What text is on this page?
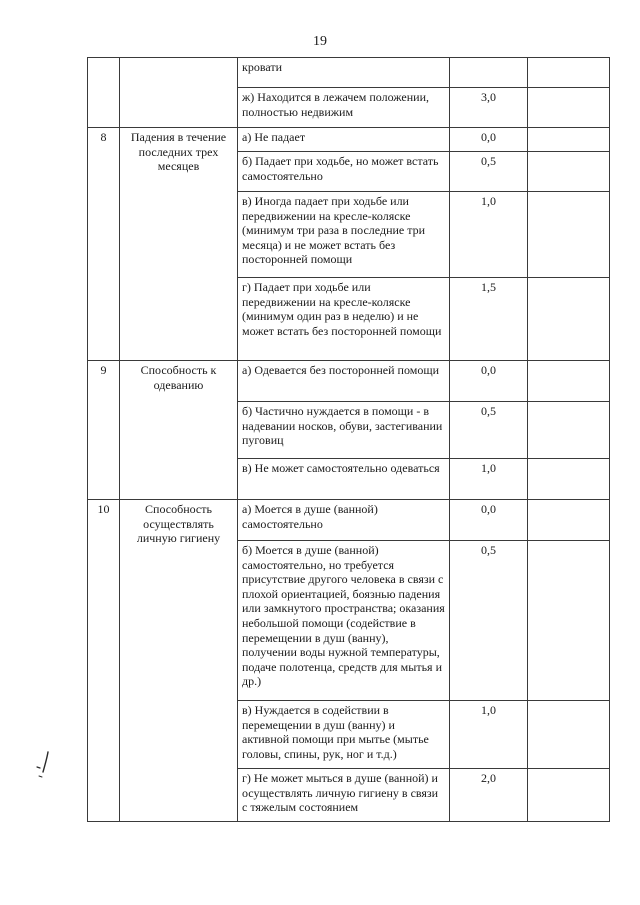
19

		кровати		

		ж) Находится в лежачем положении, полностью недвижим	3,0	

8	Падения в течение последних трех месяцев	а) Не падает	0,0	

		б) Падает при ходьбе, но может встать самостоятельно	0,5	

		в) Иногда падает при ходьбе или передвижении на кресле-коляске (минимум три раза в последние три месяца) и не может встать без посторонней помощи	1,0	

		г) Падает при ходьбе или передвижении на кресле-коляске (минимум один раз в неделю) и не может встать без посторонней помощи	1,5	

9	Способность к одеванию	а) Одевается без посторонней помощи	0,0	

		б) Частично нуждается в помощи - в надевании носков, обуви, застегивании пуговиц	0,5	

		в) Не может самостоятельно одеваться	1,0	

10	Способность осуществлять личную гигиену	а) Моется в душе (ванной) самостоятельно	0,0	

		б) Моется в душе (ванной) самостоятельно, но требуется присутствие другого человека в связи с плохой ориентацией, боязнью падения или замкнутого пространства; оказания небольшой помощи (содействие в перемещении в душ (ванну), получении воды нужной температуры, подаче полотенца, средств для мытья и др.)	0,5	

		в) Нуждается в содействии в перемещении в душ (ванну) и активной помощи при мытье (мытье головы, спины, рук, ног и т.д.)	1,0	

		г) Не может мыться в душе (ванной) и осуществлять личную гигиену в связи с тяжелым состоянием	2,0	
